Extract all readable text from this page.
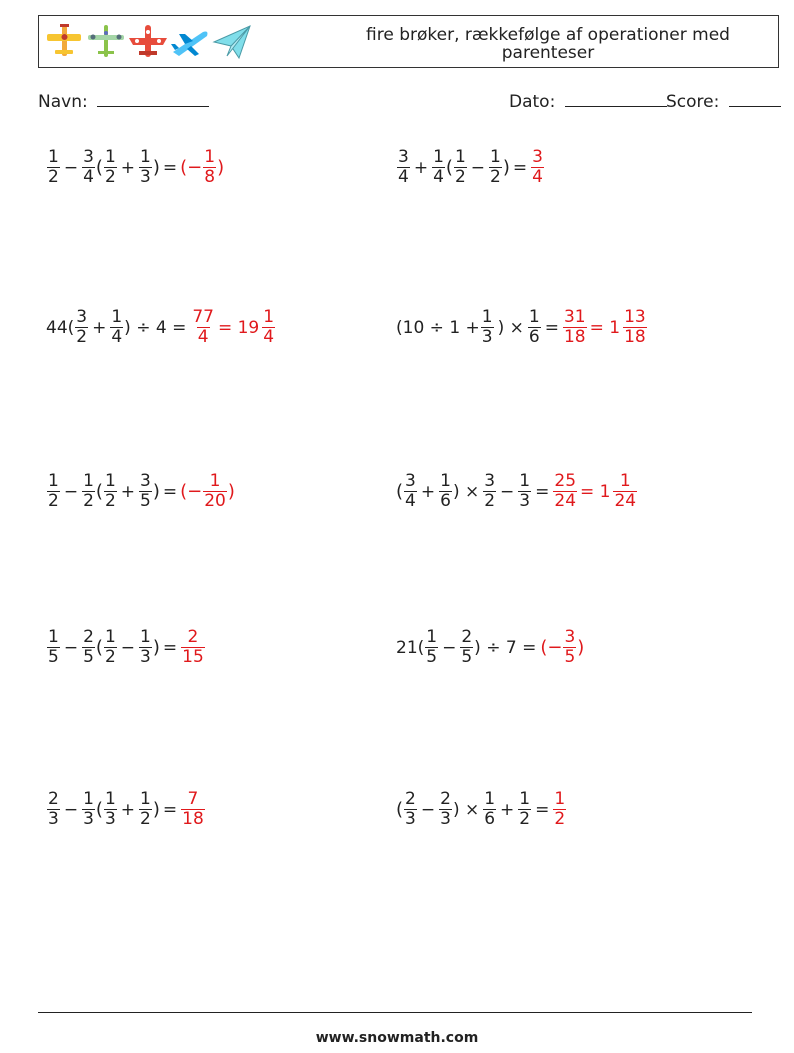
fire brøker, rækkefølge af operationer med
parenteser
Navn:	Dato:	Score:
$\frac{1}{2} - \frac{3}{4}$ ( $\frac{1}{2} + \frac{1}{3}$ ) = (− $\frac{1}{8}$ )	$\frac{3}{4} + \frac{1}{4}$ ( $\frac{1}{2} - \frac{1}{2}$ ) = $\frac{3}{4}$
$44( \frac{3}{2} + \frac{1}{4}$ ) ÷ $4 = \frac{77}{4} = 19 \frac{1}{4}$	($10 \div 1 + \frac{1}{3}$ ) × $\frac{1}{6} = \frac{31}{18} = 1 \frac{13}{18}$
$\frac{1}{2} - \frac{1}{2}$ ( $\frac{1}{2} + \frac{3}{5}$ ) = (− $\frac{1}{20}$ )	( $\frac{3}{4} + \frac{1}{6}$ ) × $\frac{3}{2} - \frac{1}{3} = \frac{25}{24} = 1 \frac{1}{24}$
$\frac{1}{5} - \frac{2}{5}$ ( $\frac{1}{2} - \frac{1}{3}$ ) = $\frac{2}{15}$	$21( \frac{1}{5} - \frac{2}{5}$ ) ÷ 7 = (− $\frac{3}{5}$ )
$\frac{2}{3} - \frac{1}{3}$ ( $\frac{1}{3} + \frac{1}{2}$ ) = $\frac{7}{18}$	( $\frac{2}{3} - \frac{2}{3}$ ) × $\frac{1}{6} + \frac{1}{2} = \frac{1}{2}$
www.snowmath.com
